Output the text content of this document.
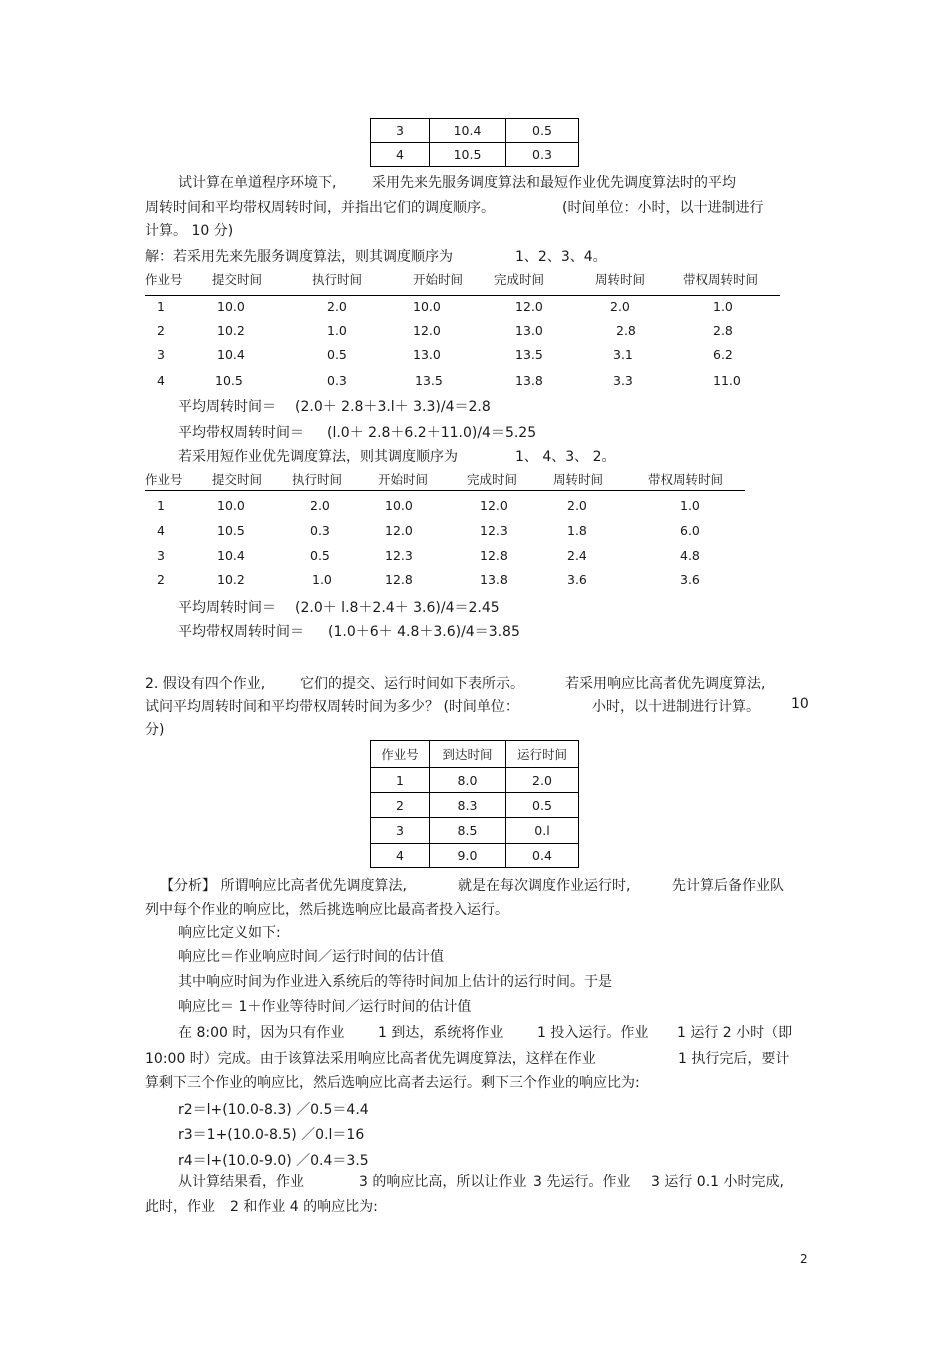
3	10.4	0.5
4	10.5	0.3
试计算在单道程序环境下,	采用先来先服务调度算法和最短作业优先调度算法时的平均
周转时间和平均带权周转时间，并指出它们的调度顺序。	(时间单位：小时，以十进制进行
计算。 10 分)
解：若采用先来先服务调度算法，则其调度顺序为	1、2、3、4。
作业号 提交时间	执行时间	开始时间 完成时间	周转时间	带权周转时间
1	10.0	2.0	10.0	12.0	2.0	1.0
2	10.2	1.0	12.0	13.0	2.8	2.8
3	10.4	0.5	13.0	13.5	3.1	6.2
4	10.5	0.3	13.5	13.8	3.3	11.0
平均周转时间＝ (2.0＋ 2.8＋3.l＋ 3.3)/4＝2.8
平均带权周转时间＝ (l.0＋ 2.8＋6.2＋11.0)/4＝5.25
若采用短作业优先调度算法，则其调度顺序为	1、 4、3、 2。
作业号 提交时间 执行时间	开始时间	完成时间	周转时间	带权周转时间
1	10.0	2.0	10.0	12.0	2.0	1.0
4	10.5	0.3	12.0	12.3	1.8	6.0
3	10.4	0.5	12.3	12.8	2.4	4.8
2	10.2	1.0	12.8	13.8	3.6	3.6
平均周转时间＝ (2.0＋ l.8＋2.4＋ 3.6)/4＝2.45
平均带权周转时间＝ (1.0＋6＋ 4.8＋3.6)/4＝3.85
2. 假设有四个作业, 它们的提交、运行时间如下表所示。	若采用响应比高者优先调度算法,
试问平均周转时间和平均带权周转时间为多少？ (时间单位：	小时，以十进制进行计算。 10
分)
作业号	到达时间	运行时间
1	8.0	2.0
2	8.3	0.5
3	8.5	0.l
4	9.0	0.4
【分析】 所谓响应比高者优先调度算法,	就是在每次调度作业运行时,	先计算后备作业队
列中每个作业的响应比，然后挑选响应比最高者投入运行。
响应比定义如下:
响应比＝作业响应时间／运行时间的估计值
其中响应时间为作业进入系统后的等待时间加上估计的运行时间。于是
响应比＝ 1＋作业等待时间／运行时间的估计值
在 8:00 时，因为只有作业 1 到达，系统将作业 1 投入运行。作业 1 运行 2 小时（即
10:00 时）完成。由于该算法采用响应比高者优先调度算法，这样在作业	1 执行完后，要计
算剩下三个作业的响应比，然后选响应比高者去运行。剩下三个作业的响应比为:
r2＝l+(10.0-8.3) ／0.5＝4.4
r3＝1+(10.0-8.5) ／0.l＝16
r4＝l+(10.0-9.0) ／0.4＝3.5
从计算结果看，作业	3 的响应比高，所以让作业 3 先运行。作业 3 运行 0.1 小时完成,
此时，作业 2 和作业 4 的响应比为:
2
